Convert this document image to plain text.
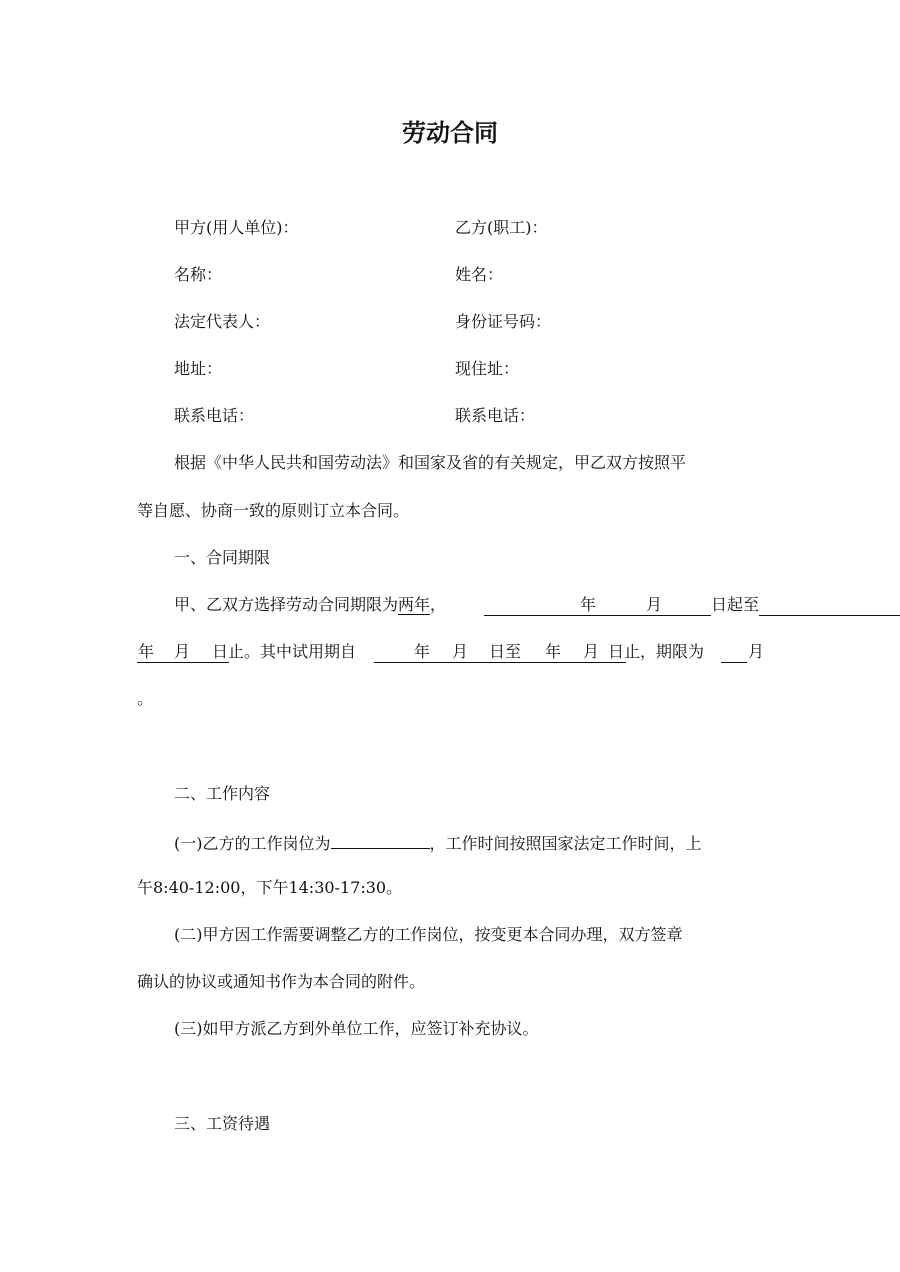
劳动合同
甲方(用人单位)：	乙方(职工)：
名称：	姓名：
法定代表人：	身份证号码：
地址：	现住址：
联系电话：	联系电话：
根据《中华人民共和国劳动法》和国家及省的有关规定，甲乙双方按照平
等自愿、协商一致的原则订立本合同。
一、合同期限
甲、乙双方选择劳动合同期限为两年，	年	月	日起至
年 月 日止。其中试用期自	年 月 日至 年 月 日止，期限为	月
。
二、工作内容
(一)乙方的工作岗位为	，工作时间按照国家法定工作时间，上
午8:40-12:00，下午14:30-17:30。
(二)甲方因工作需要调整乙方的工作岗位，按变更本合同办理，双方签章
确认的协议或通知书作为本合同的附件。
(三)如甲方派乙方到外单位工作，应签订补充协议。
三、工资待遇
